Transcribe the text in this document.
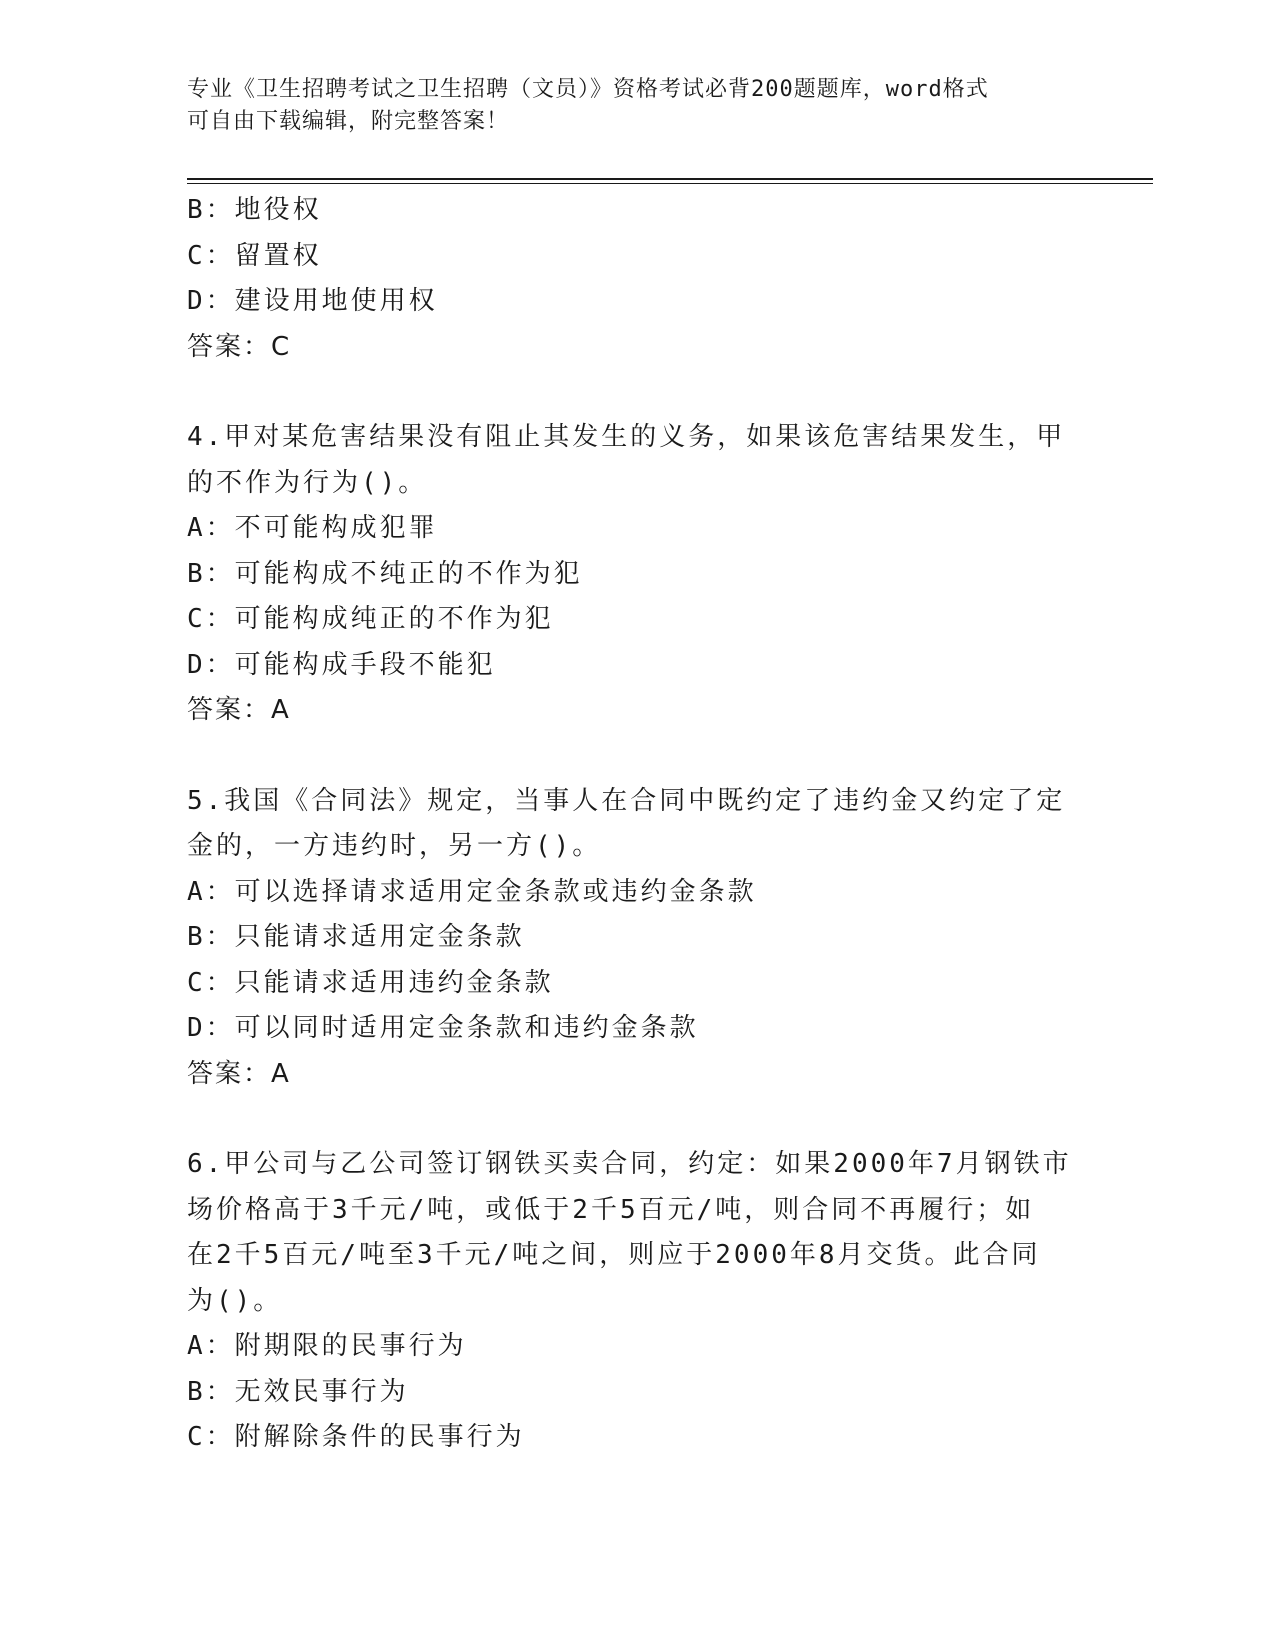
专业《卫生招聘考试之卫生招聘（文员）》资格考试必背200题题库，word格式
可自由下载编辑，附完整答案！
B：地役权
C：留置权
D：建设用地使用权
答案：C
4.甲对某危害结果没有阻止其发生的义务，如果该危害结果发生，甲
的不作为行为()。
A：不可能构成犯罪
B：可能构成不纯正的不作为犯
C：可能构成纯正的不作为犯
D：可能构成手段不能犯
答案：A
5.我国《合同法》规定，当事人在合同中既约定了违约金又约定了定
金的，一方违约时，另一方()。
A：可以选择请求适用定金条款或违约金条款
B：只能请求适用定金条款
C：只能请求适用违约金条款
D：可以同时适用定金条款和违约金条款
答案：A
6.甲公司与乙公司签订钢铁买卖合同，约定：如果2000年7月钢铁市
场价格高于3千元/吨，或低于2千5百元/吨，则合同不再履行；如
在2千5百元/吨至3千元/吨之间，则应于2000年8月交货。此合同
为()。
A：附期限的民事行为
B：无效民事行为
C：附解除条件的民事行为
